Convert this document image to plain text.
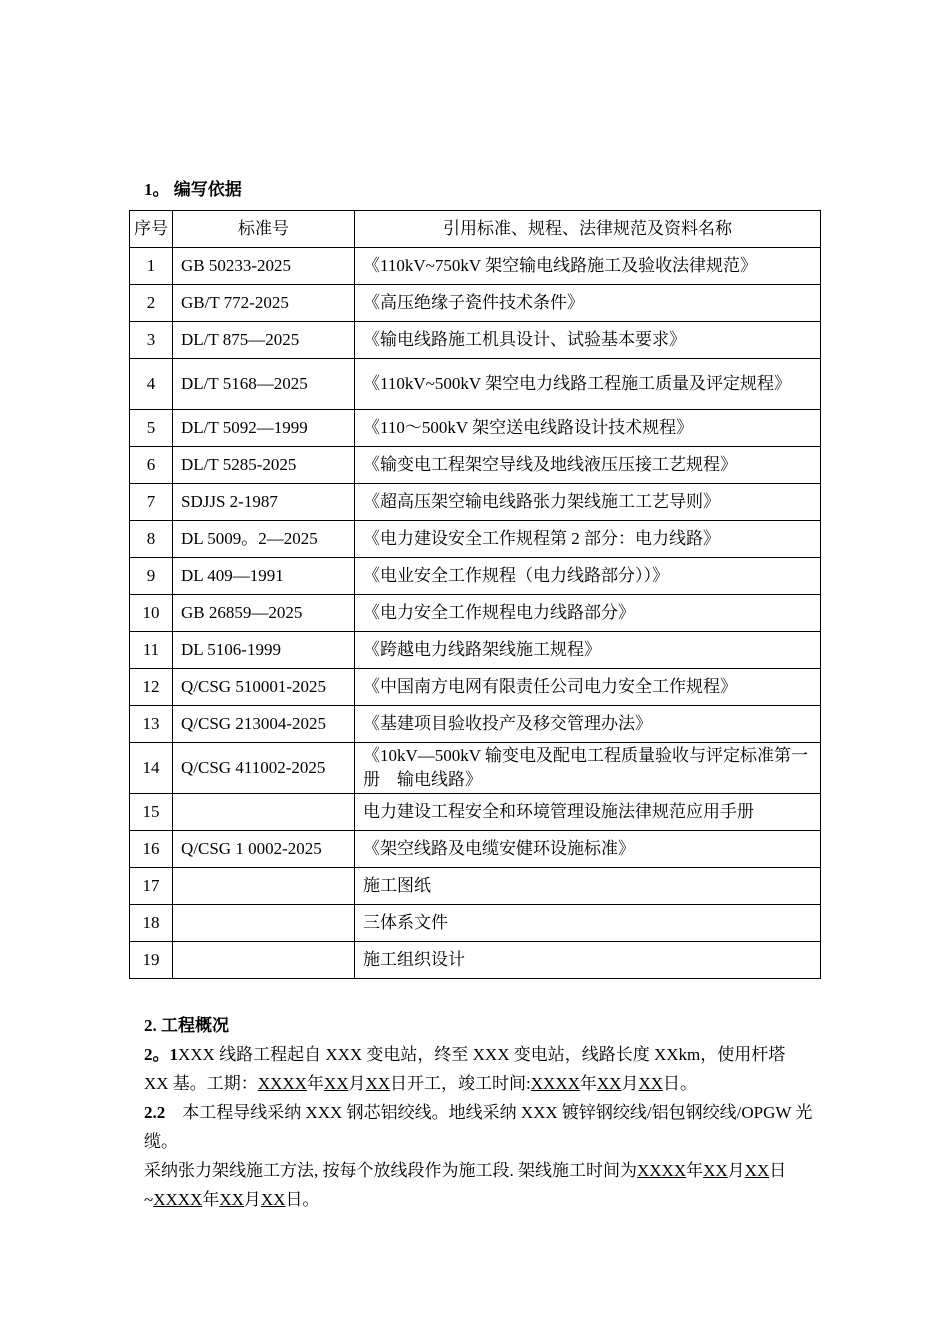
1。 编写依据
序号	标准号	引用标准、规程、法律规范及资料名称
1	GB 50233-2025	《110kV~750kV 架空输电线路施工及验收法律规范》
2	GB/T 772-2025	《高压绝缘子瓷件技术条件》
3	DL/T 875—2025	《输电线路施工机具设计、试验基本要求》
4	DL/T 5168—2025	《110kV~500kV 架空电力线路工程施工质量及评定规程》
5	DL/T 5092—1999	《110～500kV 架空送电线路设计技术规程》
6	DL/T 5285-2025	《输变电工程架空导线及地线液压压接工艺规程》
7	SDJJS 2-1987	《超高压架空输电线路张力架线施工工艺导则》
8	DL 5009。2—2025	《电力建设安全工作规程第 2 部分：电力线路》
9	DL 409—1991	《电业安全工作规程（电力线路部分））》
10	GB 26859—2025	《电力安全工作规程电力线路部分》
11	DL 5106-1999	《跨越电力线路架线施工规程》
12	Q/CSG 510001-2025	《中国南方电网有限责任公司电力安全工作规程》
13	Q/CSG 213004-2025	《基建项目验收投产及移交管理办法》
14	Q/CSG 411002-2025	《10kV—500kV 输变电及配电工程质量验收与评定标准第一册　输电线路》
15		电力建设工程安全和环境管理设施法律规范应用手册
16	Q/CSG 1 0002-2025	《架空线路及电缆安健环设施标准》
17		施工图纸
18		三体系文件
19		施工组织设计
2. 工程概况
2。1XXX 线路工程起自 XXX 变电站，终至 XXX 变电站，线路长度 XXkm，使用杆塔 XX 基。工期：XXXX年XX月XX日开工，竣工时间:XXXX年XX月XX日。
2.2　本工程导线采纳 XXX 钢芯铝绞线。地线采纳 XXX 镀锌钢绞线/铝包钢绞线/OPGW 光缆。
采纳张力架线施工方法, 按每个放线段作为施工段. 架线施工时间为XXXX年XX月XX日~XXXX年XX月XX日。
